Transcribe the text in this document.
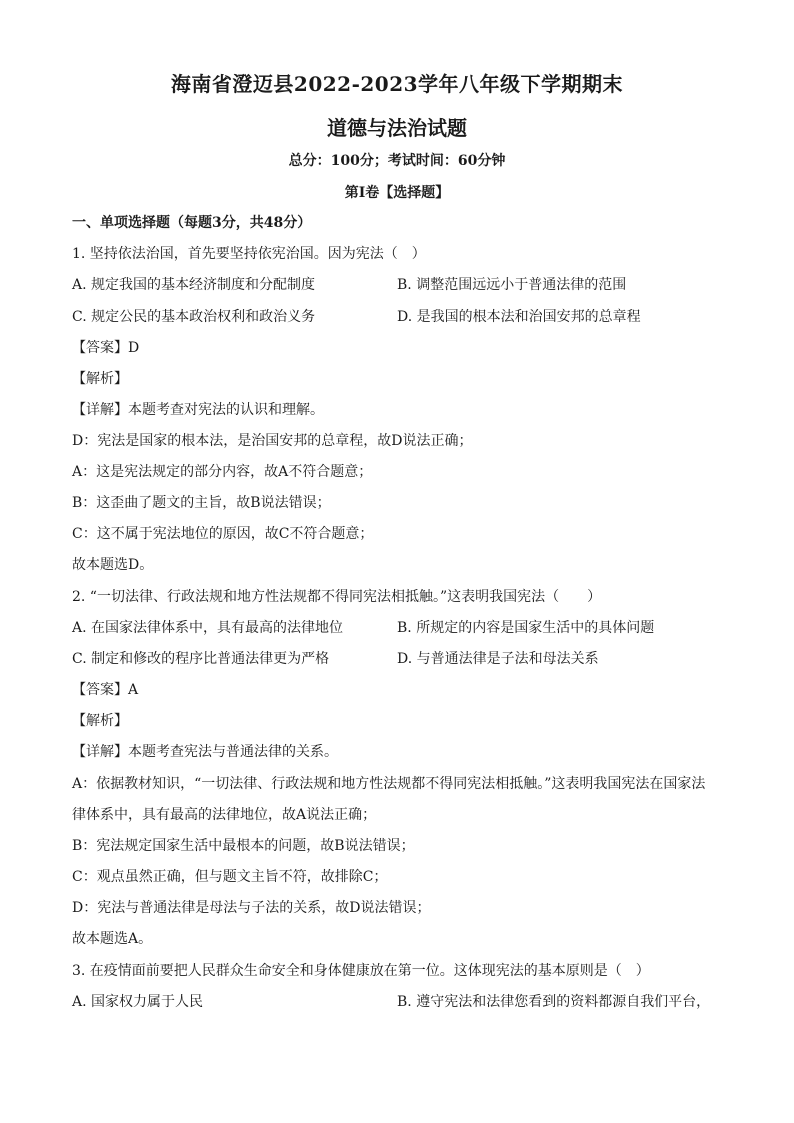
海南省澄迈县2022-2023学年八年级下学期期末
道德与法治试题
总分：100分；考试时间：60分钟
第Ⅰ卷【选择题】
一、单项选择题（每题3分，共48分）
1. 坚持依法治国，首先要坚持依宪治国。因为宪法（　）
A. 规定我国的基本经济制度和分配制度	B. 调整范围远远小于普通法律的范围
C. 规定公民的基本政治权利和政治义务	D. 是我国的根本法和治国安邦的总章程
【答案】D
【解析】
【详解】本题考查对宪法的认识和理解。
D：宪法是国家的根本法，是治国安邦的总章程，故D说法正确；
A：这是宪法规定的部分内容，故A不符合题意；
B：这歪曲了题文的主旨，故B说法错误；
C：这不属于宪法地位的原因，故C不符合题意；
故本题选D。
2. “一切法律、行政法规和地方性法规都不得同宪法相抵触。”这表明我国宪法（　　）
A. 在国家法律体系中，具有最高的法律地位	B. 所规定的内容是国家生活中的具体问题
C. 制定和修改的程序比普通法律更为严格	D. 与普通法律是子法和母法关系
【答案】A
【解析】
【详解】本题考查宪法与普通法律的关系。
A：依据教材知识，“一切法律、行政法规和地方性法规都不得同宪法相抵触。”这表明我国宪法在国家法
律体系中，具有最高的法律地位，故A说法正确；
B：宪法规定国家生活中最根本的问题，故B说法错误；
C：观点虽然正确，但与题文主旨不符，故排除C；
D：宪法与普通法律是母法与子法的关系，故D说法错误；
故本题选A。
3. 在疫情面前要把人民群众生命安全和身体健康放在第一位。这体现宪法的基本原则是（　）
A. 国家权力属于人民	B. 遵守宪法和法律您看到的资料都源自我们平台，
